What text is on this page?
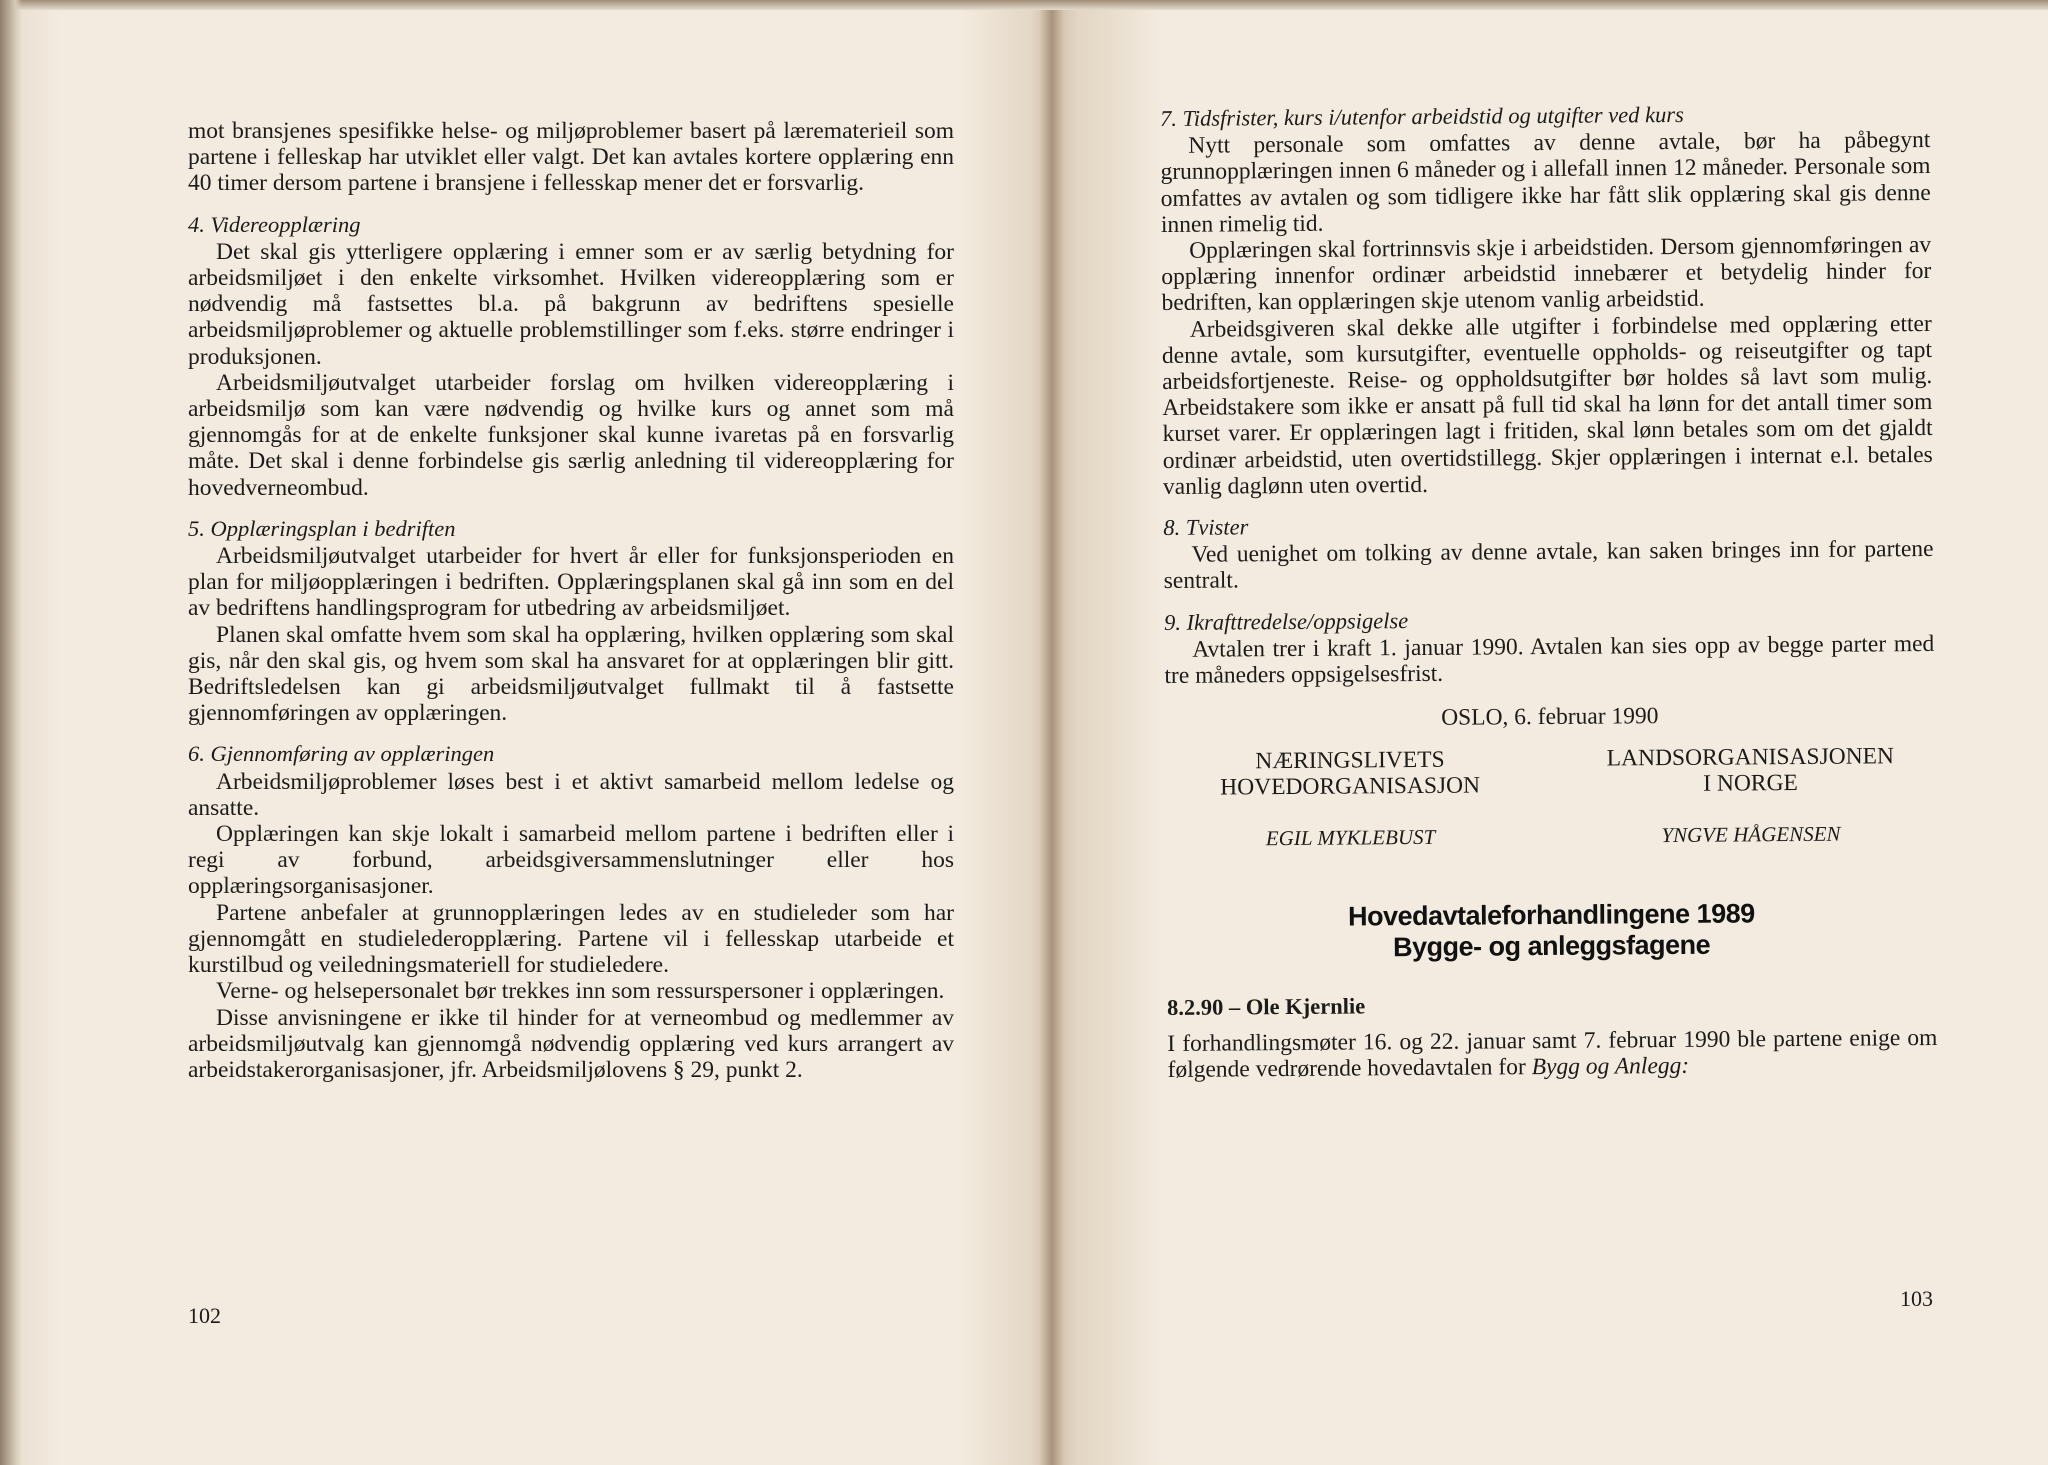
mot bransjenes spesifikke helse- og miljøproblemer basert på lærematerieil som partene i felleskap har utviklet eller valgt. Det kan avtales kortere opplæring enn 40 timer dersom partene i bransjene i fellesskap mener det er forsvarlig.

4. Videreopplæring

Det skal gis ytterligere opplæring i emner som er av særlig betydning for arbeidsmiljøet i den enkelte virksomhet. Hvilken videreopplæring som er nødvendig må fastsettes bl.a. på bakgrunn av bedriftens spesielle arbeidsmiljøproblemer og aktuelle problemstillinger som f.eks. større endringer i produksjonen.

Arbeidsmiljøutvalget utarbeider forslag om hvilken videreopplæring i arbeidsmiljø som kan være nødvendig og hvilke kurs og annet som må gjennomgås for at de enkelte funksjoner skal kunne ivaretas på en forsvarlig måte. Det skal i denne forbindelse gis særlig anledning til videreopplæring for hovedverneombud.

5. Opplæringsplan i bedriften

Arbeidsmiljøutvalget utarbeider for hvert år eller for funksjonsperioden en plan for miljøopplæringen i bedriften. Opplæringsplanen skal gå inn som en del av bedriftens handlingsprogram for utbedring av arbeidsmiljøet.

Planen skal omfatte hvem som skal ha opplæring, hvilken opplæring som skal gis, når den skal gis, og hvem som skal ha ansvaret for at opplæringen blir gitt. Bedriftsledelsen kan gi arbeidsmiljøutvalget fullmakt til å fastsette gjennomføringen av opplæringen.

6. Gjennomføring av opplæringen

Arbeidsmiljøproblemer løses best i et aktivt samarbeid mellom ledelse og ansatte.

Opplæringen kan skje lokalt i samarbeid mellom partene i bedriften eller i regi av forbund, arbeidsgiversammenslutninger eller hos opplæringsorganisasjoner.

Partene anbefaler at grunnopplæringen ledes av en studieleder som har gjennomgått en studielederopplæring. Partene vil i fellesskap utarbeide et kurstilbud og veiledningsmateriell for studieledere.

Verne- og helsepersonalet bør trekkes inn som ressurspersoner i opplæringen.

Disse anvisningene er ikke til hinder for at verneombud og medlemmer av arbeidsmiljøutvalg kan gjennomgå nødvendig opplæring ved kurs arrangert av arbeidstakerorganisasjoner, jfr. Arbeidsmiljølovens § 29, punkt 2.

102
7. Tidsfrister, kurs i/utenfor arbeidstid og utgifter ved kurs

Nytt personale som omfattes av denne avtale, bør ha påbegynt grunnopplæringen innen 6 måneder og i allefall innen 12 måneder. Personale som omfattes av avtalen og som tidligere ikke har fått slik opplæring skal gis denne innen rimelig tid.

Opplæringen skal fortrinnsvis skje i arbeidstiden. Dersom gjennomføringen av opplæring innenfor ordinær arbeidstid innebærer et betydelig hinder for bedriften, kan opplæringen skje utenom vanlig arbeidstid.

Arbeidsgiveren skal dekke alle utgifter i forbindelse med opplæring etter denne avtale, som kursutgifter, eventuelle oppholds- og reiseutgifter og tapt arbeidsfortjeneste. Reise- og oppholdsutgifter bør holdes så lavt som mulig. Arbeidstakere som ikke er ansatt på full tid skal ha lønn for det antall timer som kurset varer. Er opplæringen lagt i fritiden, skal lønn betales som om det gjaldt ordinær arbeidstid, uten overtidstillegg. Skjer opplæringen i internat e.l. betales vanlig daglønn uten overtid.

8. Tvister

Ved uenighet om tolking av denne avtale, kan saken bringes inn for partene sentralt.

9. Ikrafttredelse/oppsigelse

Avtalen trer i kraft 1. januar 1990. Avtalen kan sies opp av begge parter med tre måneders oppsigelsesfrist.

OSLO, 6. februar 1990
NÆRINGSLIVETS
HOVEDORGANISASJON
LANDSORGANISASJONEN
I NORGE
EGIL MYKLEBUST	YNGVE HÅGENSEN
Hovedavtaleforhandlingene 1989
Bygge- og anleggsfagene
8.2.90 – Ole Kjernlie

I forhandlingsmøter 16. og 22. januar samt 7. februar 1990 ble partene enige om følgende vedrørende hovedavtalen for Bygg og Anlegg:

103
